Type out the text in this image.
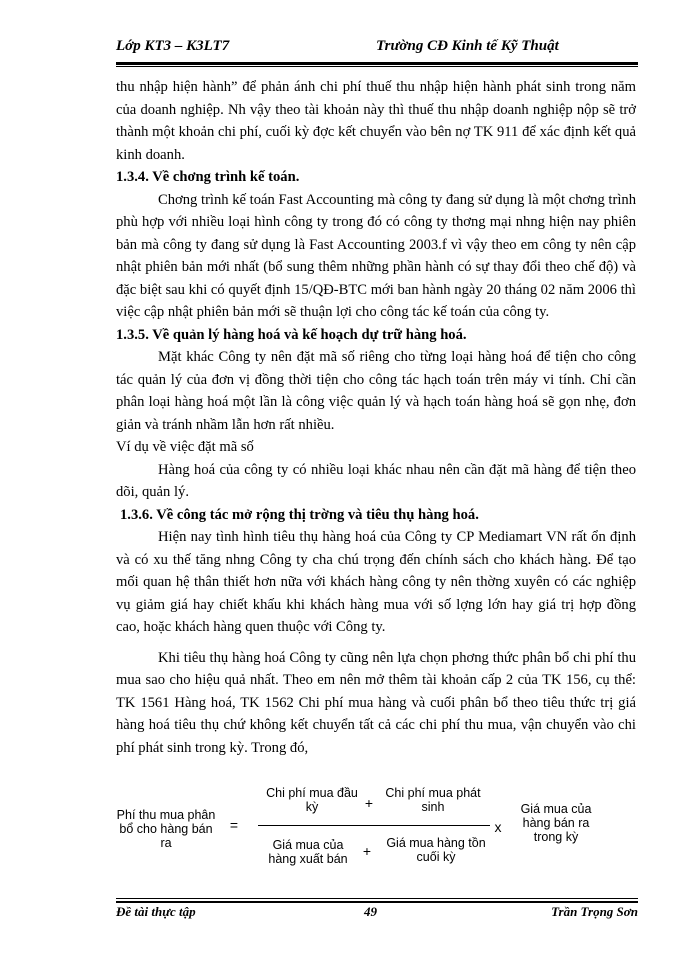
Lớp KT3 – K3LT7	Trường CĐ Kinh tế Kỹ Thuật

thu nhập hiện hành” để phản ánh chi phí thuế thu nhập hiện hành phát sinh trong năm của doanh nghiệp. Nh vậy theo tài khoản này thì thuế thu nhập doanh nghiệp nộp sẽ trở thành một khoản chi phí, cuối kỳ đợc kết chuyển vào bên nợ TK 911 để xác định kết quả kinh doanh.

1.3.4. Về chơng trình kế toán.

Chơng trình kế toán Fast Accounting mà công ty đang sử dụng là một chơng trình phù hợp với nhiều loại hình công ty trong đó có công ty thơng mại nhng hiện nay phiên bản mà công ty đang sử dụng là Fast Accounting 2003.f vì vậy theo em công ty nên cập nhật phiên bản mới nhất (bổ sung thêm những phần hành có sự thay đổi theo chế độ) và đặc biệt sau khi có quyết định 15/QĐ-BTC mới ban hành ngày 20 tháng 02 năm 2006 thì việc cập nhật phiên bản mới sẽ thuận lợi cho công tác kế toán của công ty.

1.3.5. Về quản lý hàng hoá và kế hoạch dự trữ hàng hoá.

Mặt khác Công ty nên đặt mã số riêng cho từng loại hàng hoá để tiện cho công tác quản lý của đơn vị đồng thời tiện cho công tác hạch toán trên máy vi tính. Chỉ cần phân loại hàng hoá một lần là công việc quản lý và hạch toán hàng hoá sẽ gọn nhẹ, đơn giản và tránh nhầm lẫn hơn rất nhiều.

Ví dụ về việc đặt mã số

Hàng hoá của công ty có nhiều loại khác nhau nên cần đặt mã hàng để tiện theo dõi, quản lý.

1.3.6. Về công tác mở rộng thị trờng và tiêu thụ hàng hoá.

Hiện nay tình hình tiêu thụ hàng hoá của Công ty CP Mediamart VN rất ổn định và có xu thế tăng nhng Công ty cha chú trọng đến chính sách cho khách hàng. Để tạo mối quan hệ thân thiết hơn nữa với khách hàng công ty nên thờng xuyên có các nghiệp vụ giảm giá hay chiết khấu khi khách hàng mua với số lợng lớn hay giá trị hợp đồng cao, hoặc khách hàng quen thuộc với Công ty.

Khi tiêu thụ hàng hoá Công ty cũng nên lựa chọn phơng thức phân bổ chi phí thu mua sao cho hiệu quả nhất. Theo em nên mở thêm tài khoản cấp 2 của TK 156, cụ thể: TK 1561 Hàng hoá, TK 1562 Chi phí mua hàng và cuối phân bổ theo tiêu thức trị giá hàng hoá tiêu thụ chứ không kết chuyển tất cả các chi phí thu mua, vận chuyển vào chi phí phát sinh trong kỳ. Trong đó,

Phí thu mua phân bổ cho hàng bán ra
=
Chi phí mua đầu kỳ	+
Chi phí mua phát sinh
Giá mua của hàng xuất bán	+ Giá mua hàng tồn cuối kỳ
x
Giá mua của hàng bán ra trong kỳ
Đề tài thực tập	49	Trần Trọng Sơn
